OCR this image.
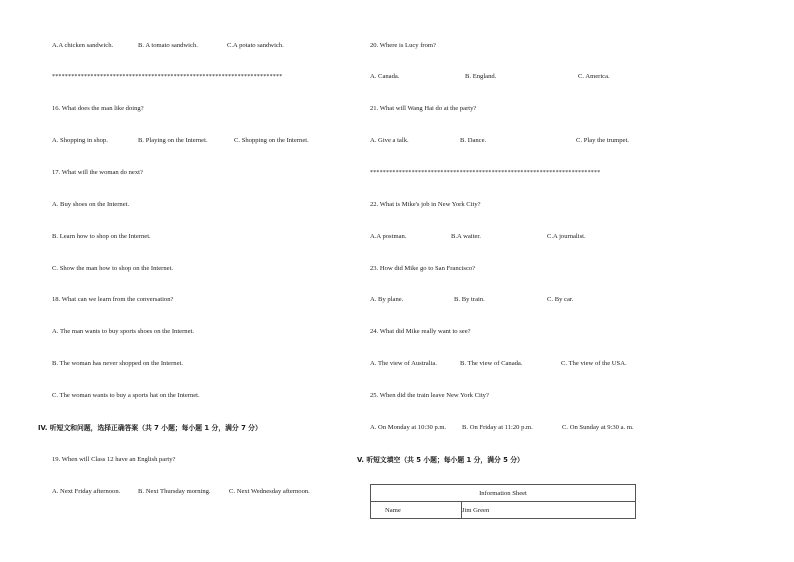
A.A chicken sandwich.	B. A tomato sandwich.	C.A potato sandwich.
************************************************************************
16. What does the man like doing?
A. Shopping in shop.	B. Playing on the Internet.	C. Shopping on the Internet.
17. What will the woman do next?
A. Buy shoes on the Internet.
B. Learn how to shop on the Internet.
C. Show the man how to shop on the Internet.
18. What can we learn from the conversation?
A. The man wants to buy sports shoes on the Internet.
B. The woman has never shopped on the Internet.
C. The woman wants to buy a sports hat on the Internet.
IV. 听短文和问题，选择正确答案（共 7 小题；每小题 1 分，满分 7 分）
19. When will Class 12 have an English party?
A. Next Friday afternoon.	B. Next Thursday morning.	C. Next Wednesday afternoon.
20. Where is Lucy from?
A. Canada.	B. England.	C. America.
21. What will Wang Hai do at the party?
A. Give a talk.	B. Dance.	C. Play the trumpet.
************************************************************************
22. What is Mike's job in New York City?
A.A postman.	B.A waiter.	C.A journalist.
23. How did Mike go to San Francisco?
A. By plane.	B. By train.	C. By car.
24. What did Mike really want to see?
A. The view of Australia.	B. The view of Canada.	C. The view of the USA.
25. When did the train leave New York City?
A. On Monday at 10:30 p.m. B. On Friday at 11:20 p.m.	C. On Sunday at 9:30 a. m.
V. 听短文填空（共 5 小题；每小题 1 分，满分 5 分）
Information Sheet
Name	Jim Green
